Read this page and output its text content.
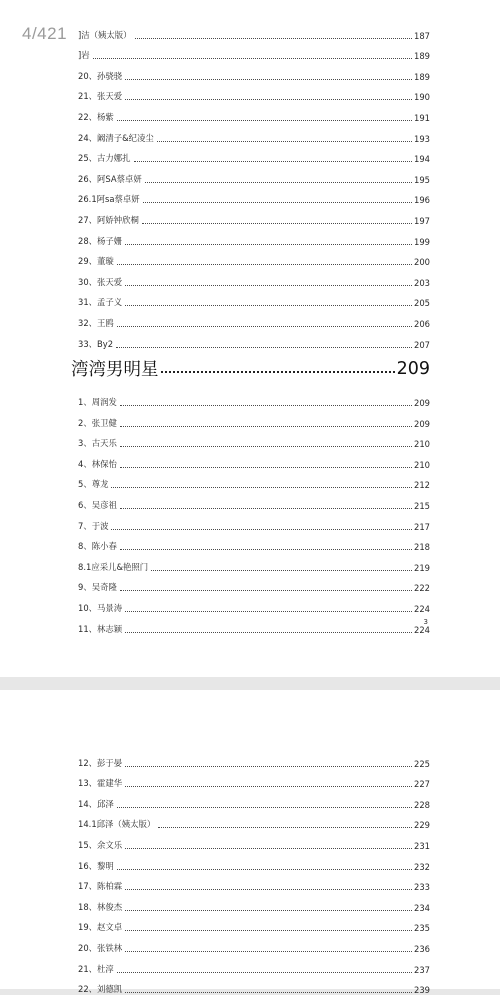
]洁（姨太版）	187
]岩	189
20、孙骁骁	189
21、张天爱	190
22、杨紫	191
24、阚清子&纪凌尘	193
25、古力娜扎	194
26、阿SA蔡卓妍	195
26.1阿sa蔡卓妍	196
27、阿娇钟欣桐	197
28、杨子姗	199
29、董璇	200
30、张天爱	203
31、孟子义	205
32、王鸥	206
33、By2	207
湾湾男明星	209
1、周润发	209
2、张卫健	209
3、古天乐	210
4、林保怡	210
5、尊龙	212
6、吴彦祖	215
7、于波	217
8、陈小春	218
8.1应采儿&艳照门	219
9、吴奇隆	222
10、马景涛	224
11、林志颖	224
3
12、彭于晏	225
13、霍建华	227
14、邱泽	228
14.1邱泽（姨太版）	229
15、余文乐	231
16、黎明	232
17、陈柏霖	233
18、林俊杰	234
19、赵文卓	235
20、张铁林	236
21、杜淳	237
22、刘德凯	239
4/421
